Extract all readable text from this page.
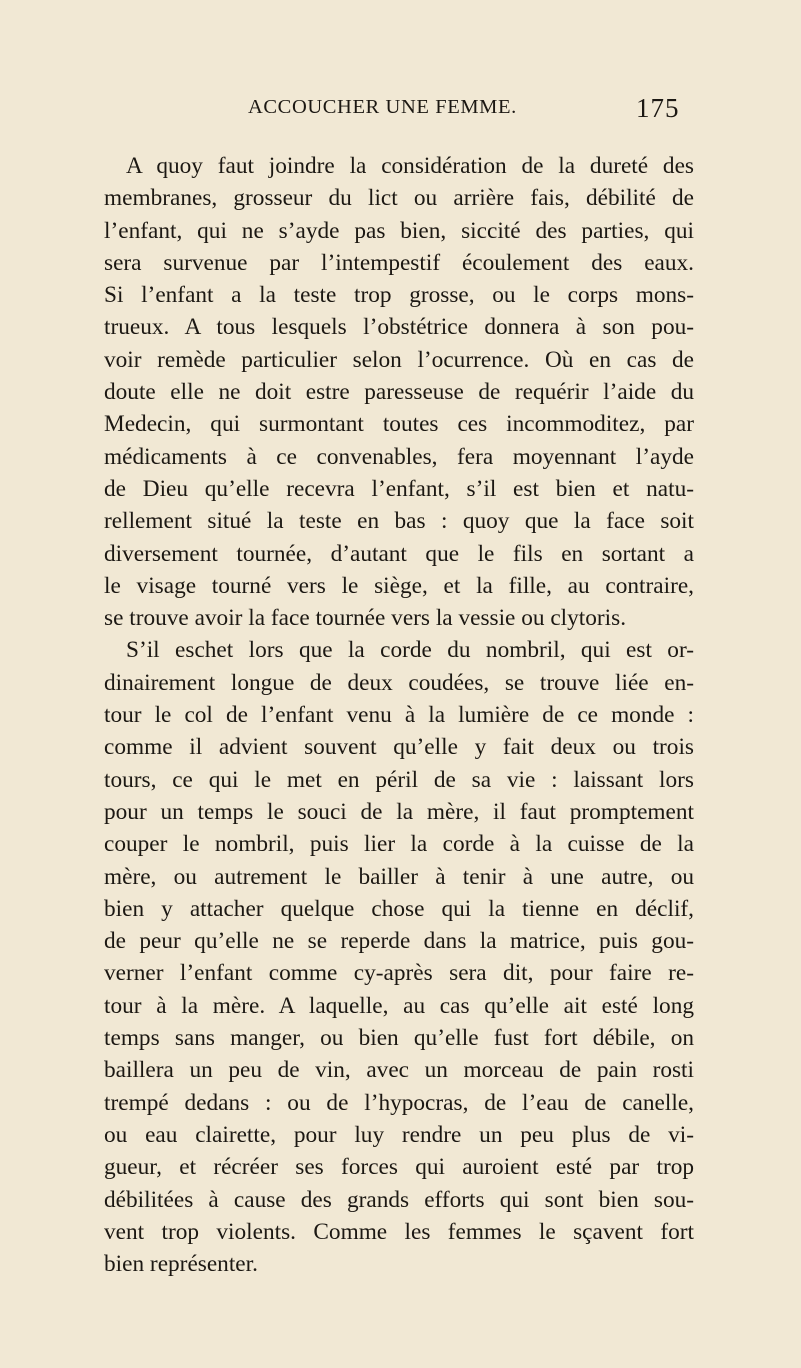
ACCOUCHER UNE FEMME.	175
A quoy faut joindre la considération de la dureté des
membranes, grosseur du lict ou arrière fais, débilité de
l’enfant, qui ne s’ayde pas bien, siccité des parties, qui
sera survenue par l’intempestif écoulement des eaux.
Si l’enfant a la teste trop grosse, ou le corps mons-
trueux. A tous lesquels l’obstétrice donnera à son pou-
voir remède particulier selon l’ocurrence. Où en cas de
doute elle ne doit estre paresseuse de requérir l’aide du
Medecin, qui surmontant toutes ces incommoditez, par
médicaments à ce convenables, fera moyennant l’ayde
de Dieu qu’elle recevra l’enfant, s’il est bien et natu-
rellement situé la teste en bas : quoy que la face soit
diversement tournée, d’autant que le fils en sortant a
le visage tourné vers le siège, et la fille, au contraire,
se trouve avoir la face tournée vers la vessie ou clytoris.
S’il eschet lors que la corde du nombril, qui est or-
dinairement longue de deux coudées, se trouve liée en-
tour le col de l’enfant venu à la lumière de ce monde :
comme il advient souvent qu’elle y fait deux ou trois
tours, ce qui le met en péril de sa vie : laissant lors
pour un temps le souci de la mère, il faut promptement
couper le nombril, puis lier la corde à la cuisse de la
mère, ou autrement le bailler à tenir à une autre, ou
bien y attacher quelque chose qui la tienne en déclif,
de peur qu’elle ne se reperde dans la matrice, puis gou-
verner l’enfant comme cy-après sera dit, pour faire re-
tour à la mère. A laquelle, au cas qu’elle ait esté long
temps sans manger, ou bien qu’elle fust fort débile, on
baillera un peu de vin, avec un morceau de pain rosti
trempé dedans : ou de l’hypocras, de l’eau de canelle,
ou eau clairette, pour luy rendre un peu plus de vi-
gueur, et récréer ses forces qui auroient esté par trop
débilitées à cause des grands efforts qui sont bien sou-
vent trop violents. Comme les femmes le sçavent fort
bien représenter.
